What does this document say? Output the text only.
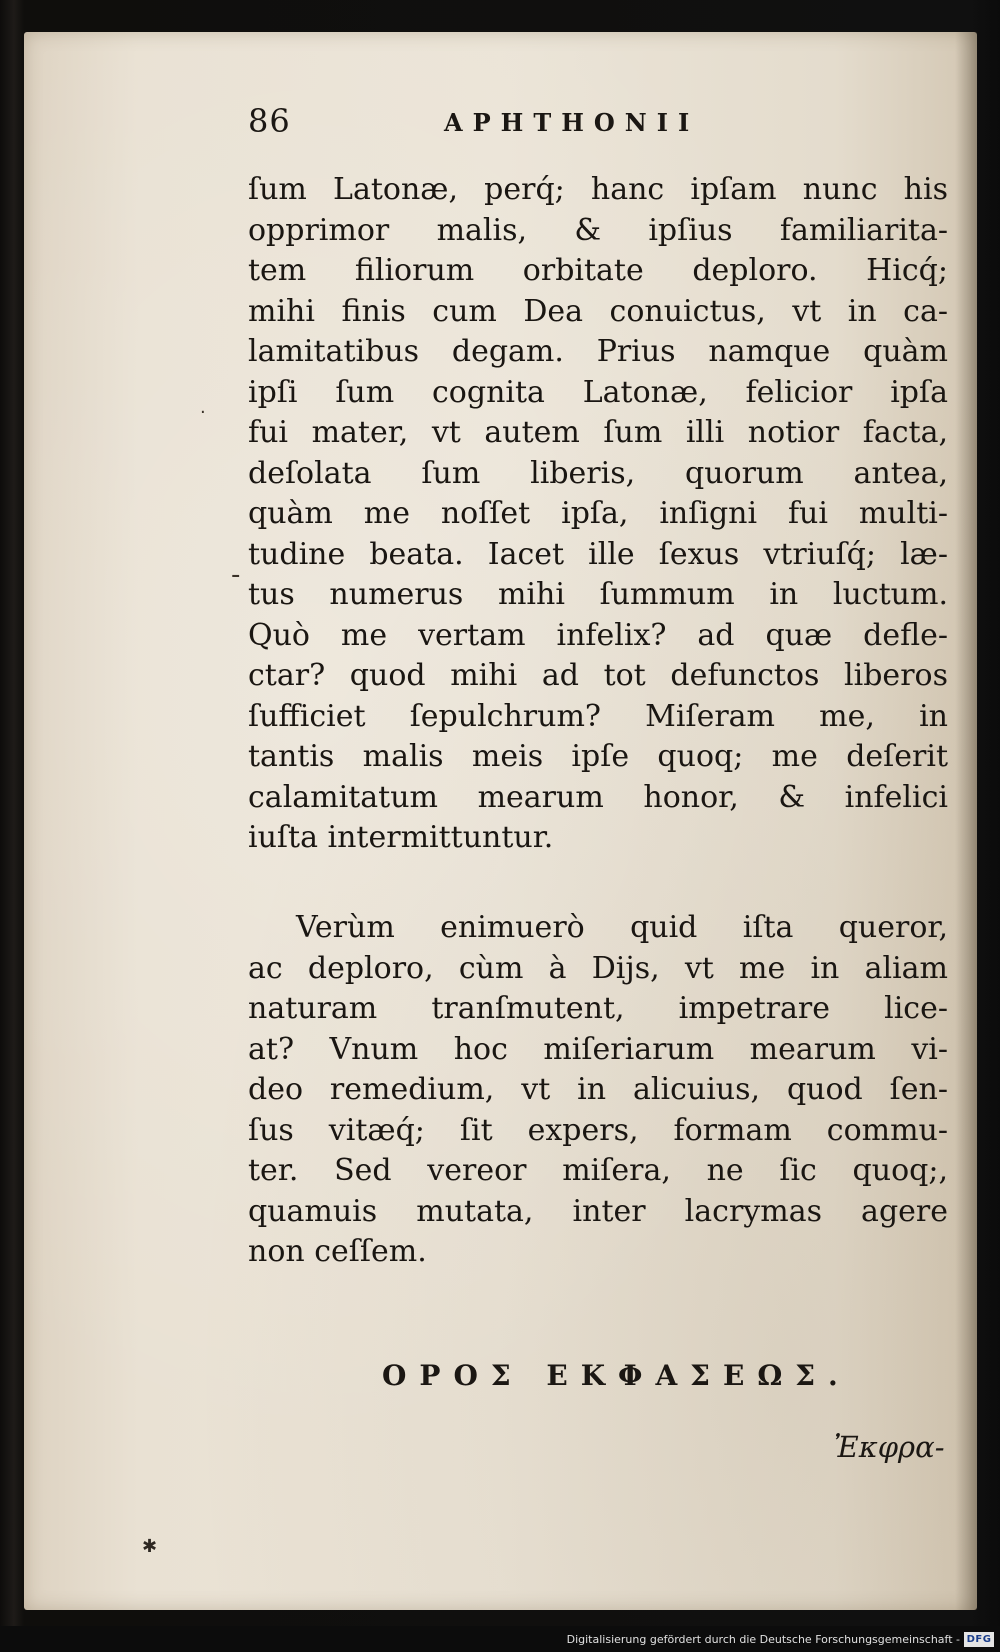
86	APHTHONII
ſum Latonæ, perq́; hanc ipſam nunc his
opprimor malis, & ipſius familiarita-
tem filiorum orbitate deploro. Hicq́;
mihi finis cum Dea conuictus, vt in ca-
lamitatibus degam. Prius namque quàm
ipſi ſum cognita Latonæ, felicior ipſa
fui mater, vt autem ſum illi notior facta,
deſolata ſum liberis, quorum antea,
quàm me noſſet ipſa, inſigni fui multi-
tudine beata. Iacet ille ſexus vtriuſq́; læ-
tus numerus mihi ſummum in luctum.
Quò me vertam infelix? ad quæ defle-
ctar? quod mihi ad tot defunctos liberos
ſufficiet ſepulchrum? Miſeram me, in
tantis malis meis ipſe quoq; me deſerit
calamitatum mearum honor, & infelici
iuſta intermittuntur.
Verùm enimuerò quid iſta queror,
ac deploro, cùm à Dijs, vt me in aliam
naturam tranſmutent, impetrare lice-
at? Vnum hoc miſeriarum mearum vi-
deo remedium, vt in alicuius, quod ſen-
ſus vitæq́; ſit expers, formam commu-
ter. Sed vereor miſera, ne ſic quoq;,
quamuis mutata, inter lacrymas agere
non ceſſem.
ΟΡΟΣ ΕΚΦΑΣΕΩΣ.
Ἐκφρα-
-
·
✱
Digitalisierung gefördert durch die Deutsche Forschungsgemeinschaft - DFG
